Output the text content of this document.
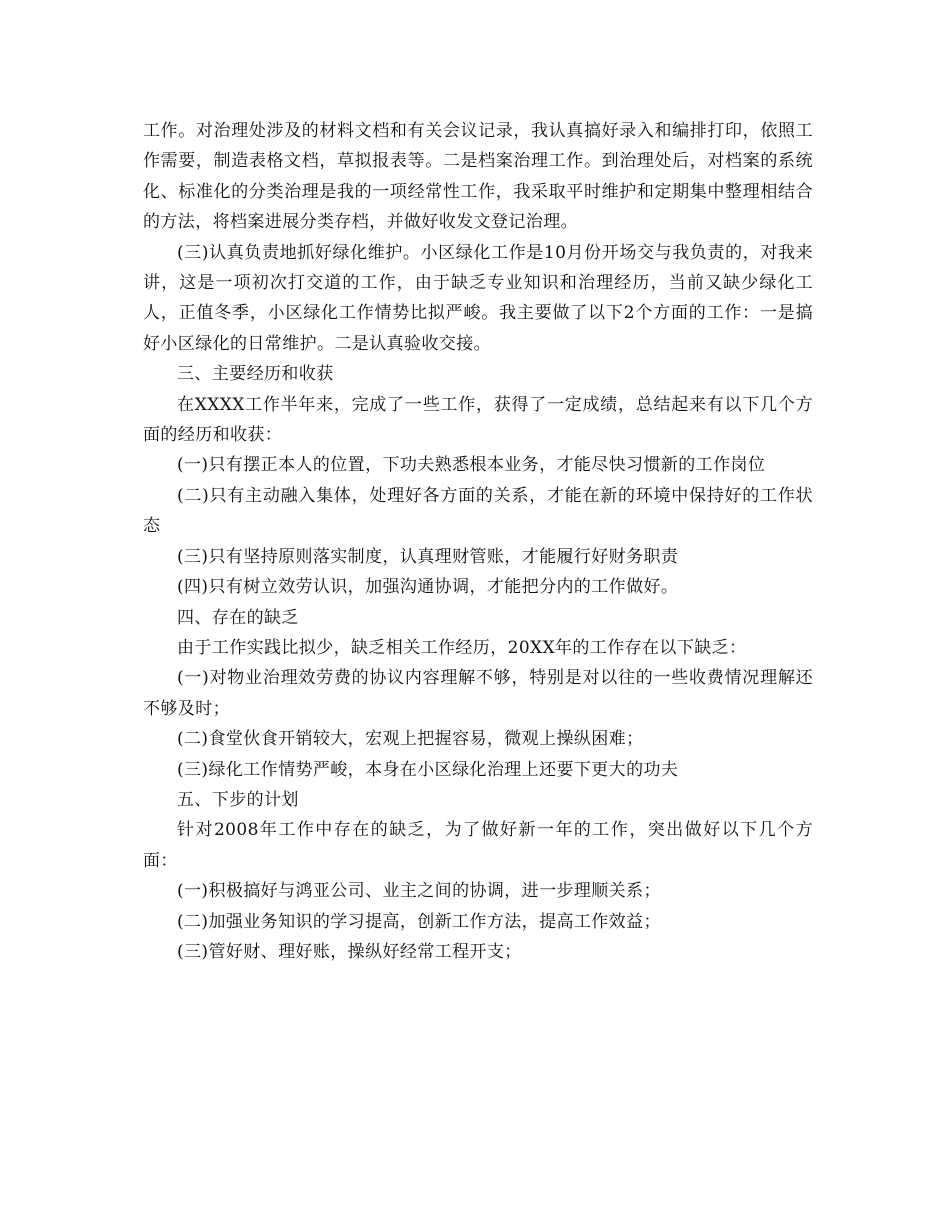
工作。对治理处涉及的材料文档和有关会议记录，我认真搞好录入和编排打印，依照工作需要，制造表格文档，草拟报表等。二是档案治理工作。到治理处后，对档案的系统化、标准化的分类治理是我的一项经常性工作，我采取平时维护和定期集中整理相结合的方法，将档案进展分类存档，并做好收发文登记治理。

(三)认真负责地抓好绿化维护。小区绿化工作是10月份开场交与我负责的，对我来讲，这是一项初次打交道的工作，由于缺乏专业知识和治理经历，当前又缺少绿化工人，正值冬季，小区绿化工作情势比拟严峻。我主要做了以下2个方面的工作：一是搞好小区绿化的日常维护。二是认真验收交接。

三、主要经历和收获

在XXXX工作半年来，完成了一些工作，获得了一定成绩，总结起来有以下几个方面的经历和收获：

(一)只有摆正本人的位置，下功夫熟悉根本业务，才能尽快习惯新的工作岗位

(二)只有主动融入集体，处理好各方面的关系，才能在新的环境中保持好的工作状态

(三)只有坚持原则落实制度，认真理财管账，才能履行好财务职责

(四)只有树立效劳认识，加强沟通协调，才能把分内的工作做好。

四、存在的缺乏

由于工作实践比拟少，缺乏相关工作经历，20XX年的工作存在以下缺乏：

(一)对物业治理效劳费的协议内容理解不够，特别是对以往的一些收费情况理解还不够及时；

(二)食堂伙食开销较大，宏观上把握容易，微观上操纵困难；

(三)绿化工作情势严峻，本身在小区绿化治理上还要下更大的功夫

五、下步的计划

针对2008年工作中存在的缺乏，为了做好新一年的工作，突出做好以下几个方面：

(一)积极搞好与鸿亚公司、业主之间的协调，进一步理顺关系；

(二)加强业务知识的学习提高，创新工作方法，提高工作效益；

(三)管好财、理好账，操纵好经常工程开支；
